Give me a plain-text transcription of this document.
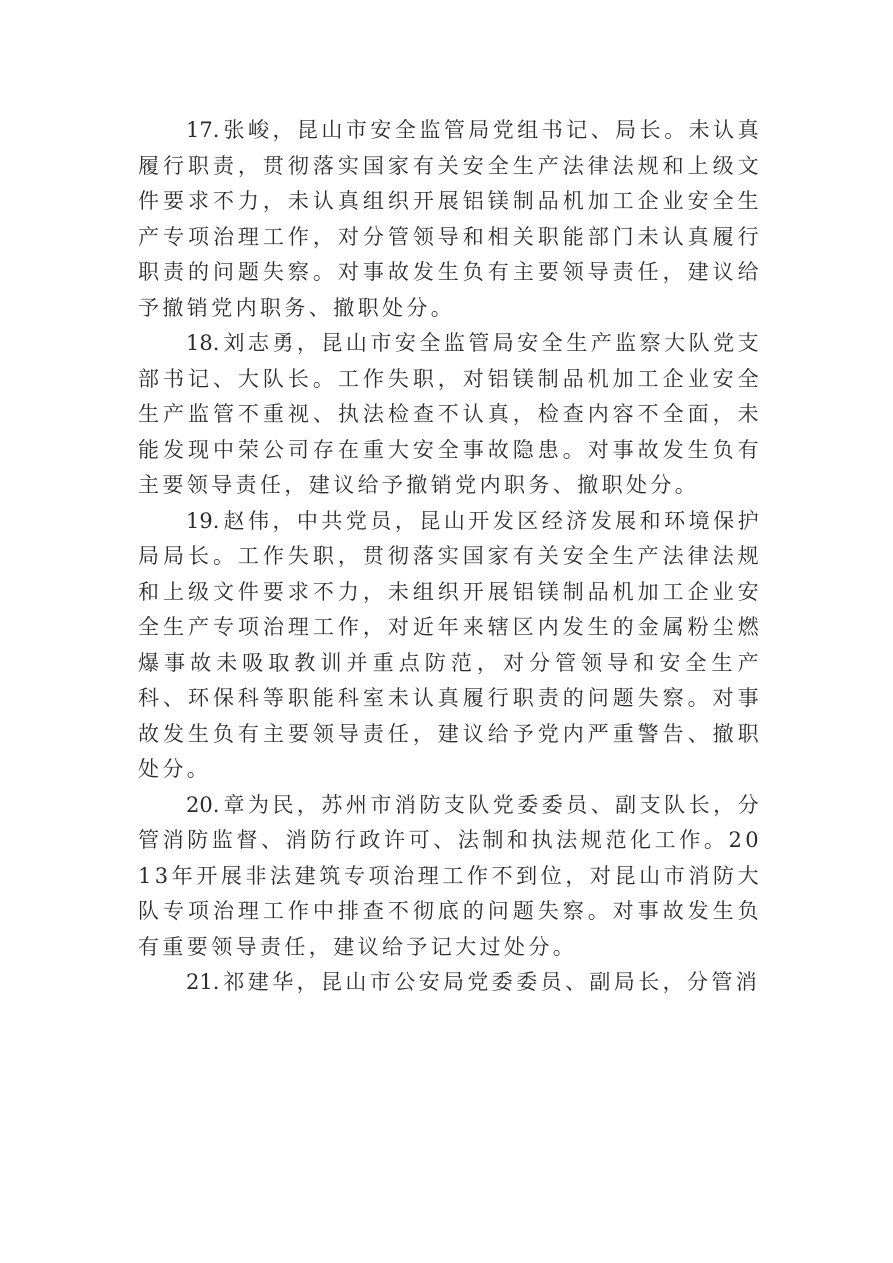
17. 张峻，昆山市安全监管局党组书记、局长。未认真履行职责，贯彻落实国家有关安全生产法律法规和上级文件要求不力，未认真组织开展铝镁制品机加工企业安全生产专项治理工作，对分管领导和相关职能部门未认真履行职责的问题失察。对事故发生负有主要领导责任，建议给予撤销党内职务、撤职处分。

18. 刘志勇，昆山市安全监管局安全生产监察大队党支部书记、大队长。工作失职，对铝镁制品机加工企业安全生产监管不重视、执法检查不认真，检查内容不全面，未能发现中荣公司存在重大安全事故隐患。对事故发生负有主要领导责任，建议给予撤销党内职务、撤职处分。

19. 赵伟，中共党员，昆山开发区经济发展和环境保护局局长。工作失职，贯彻落实国家有关安全生产法律法规和上级文件要求不力，未组织开展铝镁制品机加工企业安全生产专项治理工作，对近年来辖区内发生的金属粉尘燃爆事故未吸取教训并重点防范，对分管领导和安全生产科、环保科等职能科室未认真履行职责的问题失察。对事故发生负有主要领导责任，建议给予党内严重警告、撤职处分。

20. 章为民，苏州市消防支队党委委员、副支队长，分管消防监督、消防行政许可、法制和执法规范化工作。2013年开展非法建筑专项治理工作不到位，对昆山市消防大队专项治理工作中排查不彻底的问题失察。对事故发生负有重要领导责任，建议给予记大过处分。

21. 祁建华，昆山市公安局党委委员、副局长，分管消
